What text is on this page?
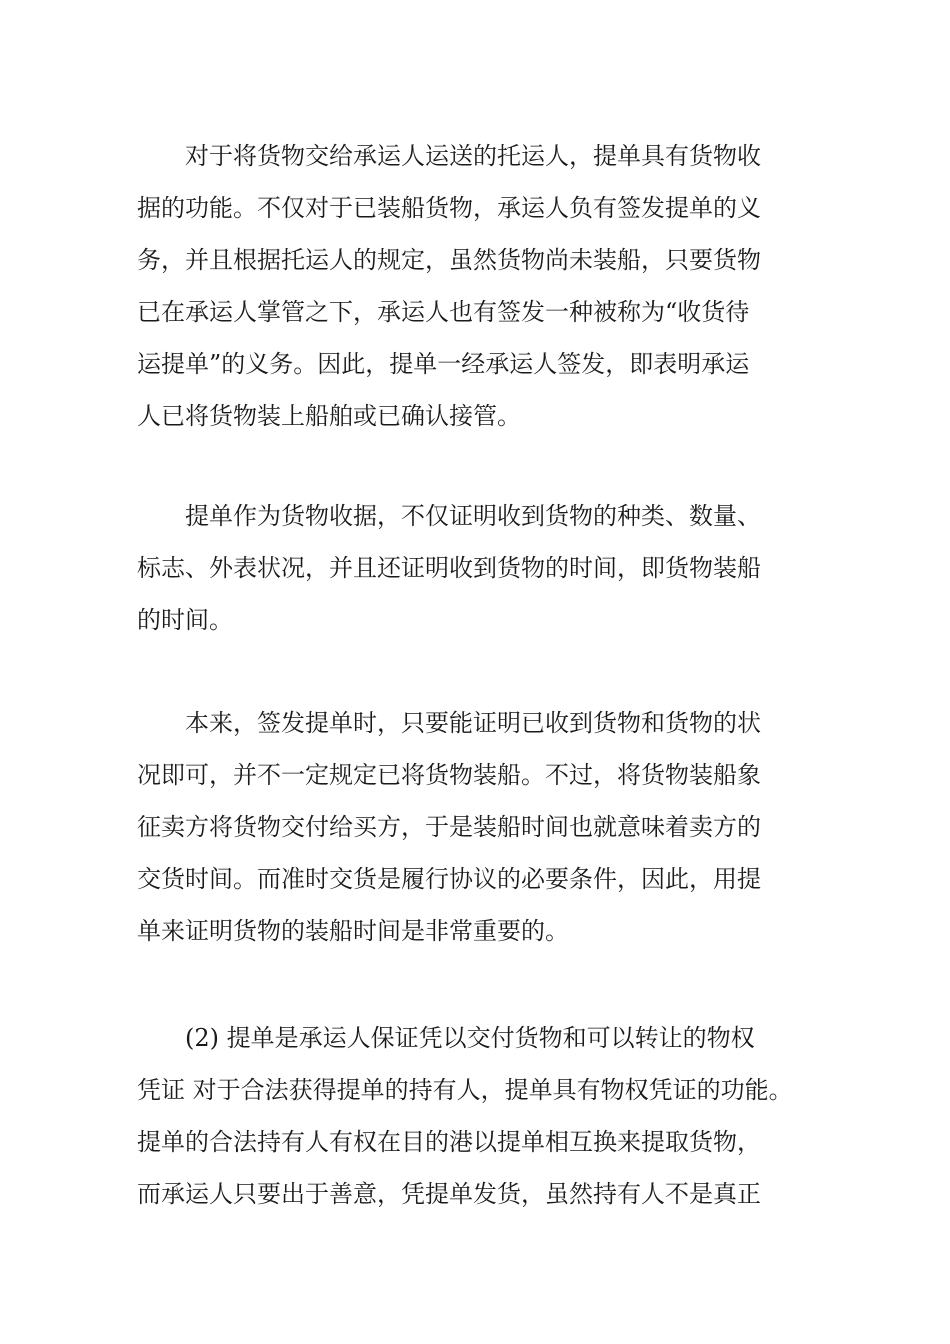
　　对于将货物交给承运人运送的托运人，提单具有货物收
据的功能。不仅对于已装船货物，承运人负有签发提单的义
务，并且根据托运人的规定，虽然货物尚未装船，只要货物
已在承运人掌管之下，承运人也有签发一种被称为“收货待
运提单”的义务。因此，提单一经承运人签发，即表明承运
人已将货物装上船舶或已确认接管。
　　提单作为货物收据，不仅证明收到货物的种类、数量、
标志、外表状况，并且还证明收到货物的时间，即货物装船
的时间。
　　本来，签发提单时，只要能证明已收到货物和货物的状
况即可，并不一定规定已将货物装船。不过，将货物装船象
征卖方将货物交付给买方，于是装船时间也就意味着卖方的
交货时间。而准时交货是履行协议的必要条件，因此，用提
单来证明货物的装船时间是非常重要的。
　　(2) 提单是承运人保证凭以交付货物和可以转让的物权
凭证 对于合法获得提单的持有人，提单具有物权凭证的功能。
提单的合法持有人有权在目的港以提单相互换来提取货物，
而承运人只要出于善意，凭提单发货，虽然持有人不是真正
